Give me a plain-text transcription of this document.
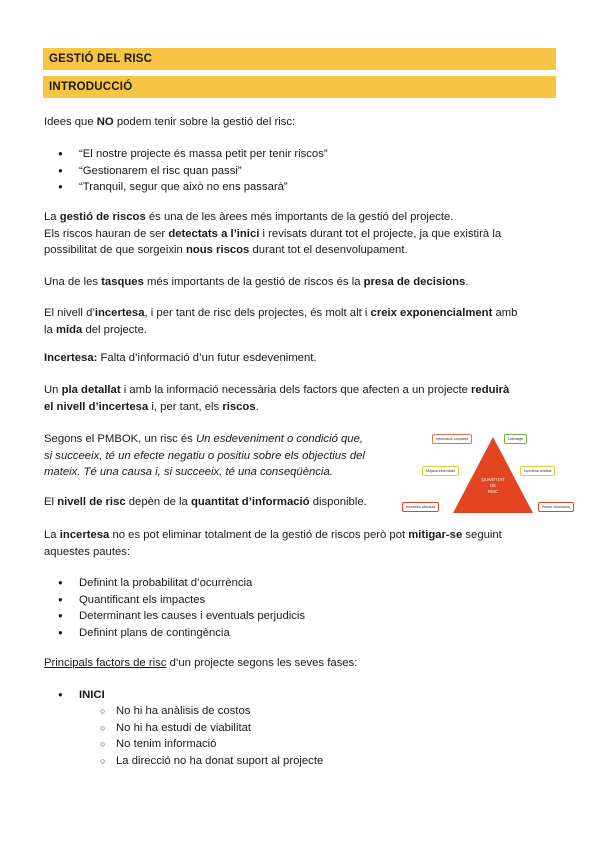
GESTIÓ DEL RISC
INTRODUCCIÓ

Idees que NO podem tenir sobre la gestió del risc:

● “El nostre projecte és massa petit per tenir riscos”
● “Gestionarem el risc quan passi”
● “Tranquil, segur que això no ens passarà”
La gestió de riscos és una de les àrees més importants de la gestió del projecte.
Els riscos hauran de ser detectats a l’inici i revisats durant tot el projecte, ja que existirà la
possibilitat de que sorgeixin nous riscos durant tot el desenvolupament.

Una de les tasques més importants de la gestió de riscos és la presa de decisions.

El nivell d’incertesa, i per tant de risc dels projectes, és molt alt i creix exponencialment amb
la mida del projecte.

Incertesa: Falta d’informació d’un futur esdeveniment.

Un pla detallat i amb la informació necessària dels factors que afecten a un projecte reduirà
el nivell d’incertesa i, per tant, els riscos.
Segons el PMBOK, un risc és Un esdeveniment o condició que,
si succeeix, té un efecte negatiu o positiu sobre els objectius del
mateix. Té una causa i, si succeeix, té una conseqüència.

El nivell de risc depèn de la quantitat d’informació disponible.

QUANTITAT
DE
RISC
Informació completa	Lideratge
Mitjana informació	Incertesa relativa
Incertesa absoluta	Sense informació
La incertesa no es pot eliminar totalment de la gestió de riscos però pot mitigar-se seguint
aquestes pautes:
● Definint la probabilitat d’ocurrència
● Quantificant els impactes
● Determinant les causes i eventuals perjudicis
● Definint plans de contingència

Principals factors de risc d’un projecte segons les seves fases:

● INICI
○ No hi ha anàlisis de costos
○ No hi ha estudi de viabilitat
○ No tenim informació
○ La direcció no ha donat suport al projecte
